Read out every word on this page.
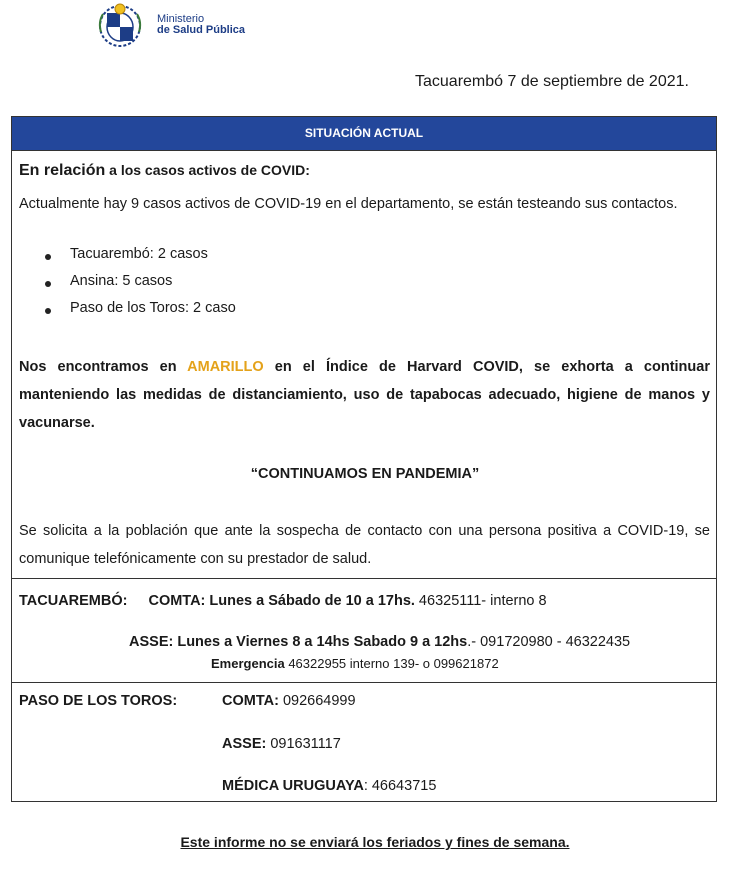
Ministerio
de Salud Pública
Tacuarembó 7 de septiembre de 2021.
SITUACIÓN ACTUAL
En relación a los casos activos de COVID:
Actualmente hay 9 casos activos de COVID-19 en el departamento, se están testeando sus contactos.
Tacuarembó: 2 casos
Ansina: 5 casos
Paso de los Toros: 2 caso
Nos encontramos en AMARILLO en el Índice de Harvard COVID, se exhorta a continuar manteniendo las medidas de distanciamiento, uso de tapabocas adecuado, higiene de manos y vacunarse.
“CONTINUAMOS EN PANDEMIA”
Se solicita a la población que ante la sospecha de contacto con una persona positiva a COVID-19, se comunique telefónicamente con su prestador de salud.
TACUAREMBÓ: COMTA: Lunes a Sábado de 10 a 17hs. 46325111- interno 8
ASSE: Lunes a Viernes 8 a 14hs Sabado 9 a 12hs.- 091720980 - 46322435
Emergencia 46322955 interno 139- o 099621872
PASO DE LOS TOROS:	COMTA: 092664999
ASSE: 091631117
MÉDICA URUGUAYA: 46643715
Este informe no se enviará los feriados y fines de semana.
